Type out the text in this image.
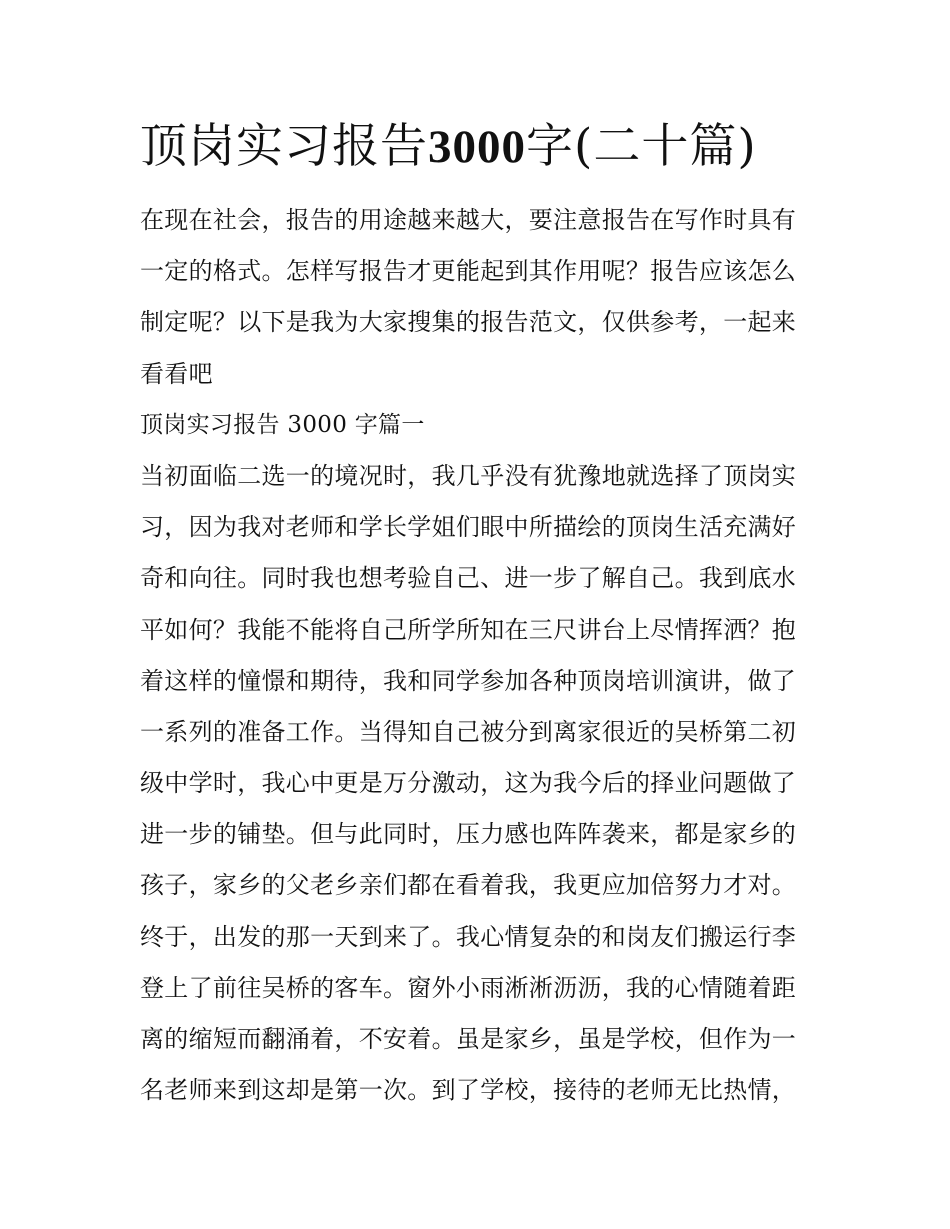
顶岗实习报告3000字(二十篇)

在现在社会，报告的用途越来越大，要注意报告在写作时具有

一定的格式。怎样写报告才更能起到其作用呢？报告应该怎么

制定呢？以下是我为大家搜集的报告范文，仅供参考，一起来

看看吧

顶岗实习报告 3000 字篇一

当初面临二选一的境况时，我几乎没有犹豫地就选择了顶岗实

习，因为我对老师和学长学姐们眼中所描绘的顶岗生活充满好

奇和向往。同时我也想考验自己、进一步了解自己。我到底水

平如何？我能不能将自己所学所知在三尺讲台上尽情挥洒？抱

着这样的憧憬和期待，我和同学参加各种顶岗培训演讲，做了

一系列的准备工作。当得知自己被分到离家很近的吴桥第二初

级中学时，我心中更是万分激动，这为我今后的择业问题做了

进一步的铺垫。但与此同时，压力感也阵阵袭来，都是家乡的

孩子，家乡的父老乡亲们都在看着我，我更应加倍努力才对。

终于，出发的那一天到来了。我心情复杂的和岗友们搬运行李

登上了前往吴桥的客车。窗外小雨淅淅沥沥，我的心情随着距

离的缩短而翻涌着，不安着。虽是家乡，虽是学校，但作为一

名老师来到这却是第一次。到了学校，接待的老师无比热情，
